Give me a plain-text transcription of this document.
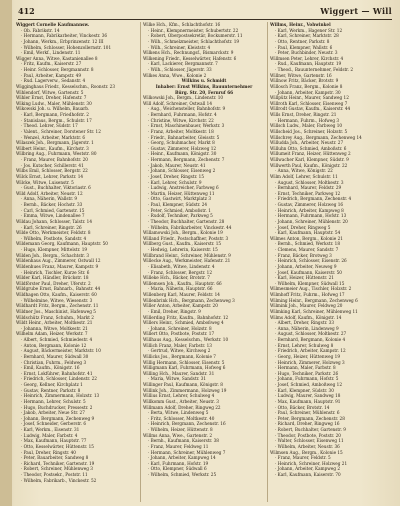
412	Wiggert — Will
Wiggert Cornelie Kaufmannsw.
· Ob. Fabrikstr. 14
· Hermann, Fabrikarbeiter, Vinckestr. 36
· Johann, Werkm., Erbprinzenstr. 12 III
· Wilhelm, Schlosser, Hohenzollernstr. 101
· Emil, Werkf., Lindenstr. 11
Wigger Anna, Witwe, Kastanienallee 8
· Fritz, Kaufm., Kaiserstr. 27
· Heinr. Schlosser, Bergmannstr. 8
· Paul, Arbeiter, Kampstr. 49
· Rud. Lagerverw., Sedanstr. 4
Wigginghaus Friedr., Kesselschm., Roonstr. 23
Wihlendorf, Witwe, Gartenstr. 5
Wihler Ernst, Dreher, Hafenstr. 7
Wiking Ludw., Maler, Mühlenstr. 30
Wikowski Joh. u. Wilhelm, Bauarb.
· Karl, Bergmann, Friedhofstr. 2
· Stanislaus, Bergm., Schulstr. 17
· Theod. Lehrer, Südstr. 17
· Valent., Schreiner, Dorstener Str. 12
· Wenzel, Arbeiter, Marktstr. 6
Wilaszek Joh., Bergmann, Jägerstr. 1
Wilbert Heinr., Kaufm., Kirchstr. 3
Wilbring Aug., Fuhrmann, Weststr. 80
· Franz, Maurer, Bahnhofstr. 20
· Jos. Kutscher, Schillerstr. 41
Wilbs Emil, Schlosser, Bergstr. 22
Wilck Ernst, Lehrer, Parkstr. 14
Wilcke, Witwe, Luisenstr. 5
· Gust., Buchhalter, Viktoriastr. 6
Wild Adolf, Arbeiter, Neustr. 12
· Anna, Näherin, Wallstr. 9
· Bernh., Bäcker, Hochstr. 33
· Carl, Schmied, Gartenstr. 15
· Emma, Witwe, Lindenallee 7
Wildau Johann, Schlosser, Talstr. 14
· Karl, Schreiner, Ringstr. 26
Wilde Otto, Werkmeister, Feldstr. 8
· Wilhelm, Postbote, Sandstr. 4
Wildemann Georg, Kaufmann, Hauptstr. 50
· Hugo, Klempner, Mittelstr. 19
Wilden Joh., Bergm., Schachtstr. 3
Wildenhaus Aug., Zimmerer, Ostwall 12
Wildenhues Franz, Maurer, Kampstr. 9
· Heinrich, Tischler, Kurze Str. 6
Wilder Karl, Händler, Brückstr. 18
Wildförster Paul, Dreher, Uferstr. 2
Wildgrube Ernst, Bahnarb., Bahnstr. 44
Wildhagen Otto, Kaufm., Kaiserstr. 60
· Wilhelmine, Witwe, Wiesenstr. 3
Wildhardt Fritz, Bergm., Zechenstr. 11
Wildner Jos., Maschinist, Hafenweg 5
Wildschütz Franz, Schuhm., Markt 2
Wildt Heinr., Arbeiter, Moltkestr. 21
· Johanna, Witwe, Moltkestr. 21
Wilhelm Adam, Heizer, Werkstr. 7
· Albert, Schmied, Schmiedestr. 4
· Anton, Bergmann, Kolonie 12
· August, Bäckermeister, Marktstr. 10
· Bernhard, Maurer, Südwall 30
· Christian, Fuhrm., Feldweg 3
· Emil, Kaufm., Königstr. 16
· Ernst, Lokführer, Bahnhofstr. 41
· Friedrich, Schlosser, Lindenstr. 22
· Georg, Kellner, Kirchplatz 1
· Gustav, Rentner, Parkstr. 8
· Heinrich, Zimmermann, Holzstr. 13
· Hermann, Lehrer, Schulstr. 5
· Hugo, Buchdrucker, Pressestr. 2
· Jakob, Arbeiter, Neue Str. 27
· Johann, Bergmann, Zechenweg 9
· Josef, Schneider, Gerberstr. 6
· Karl, Werkm., Eisenstr. 31
· Ludwig, Maler, Farbstr. 4
· Max, Kaufmann, Hauptstr. 77
· Otto, Kesselwärter, Hüttenstr. 15
· Paul, Dreher, Ringstr. 40
· Peter, Bauarbeiter, Sandweg 8
· Richard, Techniker, Gartenstr. 19
· Robert, Schreiner, Mühlenweg 3
· Theodor, Postsekr., Poststr. 11
· Wilhelm, Fabrikarb., Vinckestr. 52
Wilke Hch., Kfm., Schlachthofstr. 16
· Heinr., Klempnermeister, Schubertstr. 22
· Robert, Oberpostsekretär, Bockumerstr. 11
· Wilh., Schmelzmeister, Schlachthofstr. 19
· Wilh., Schreiner, Kleiststr. 4
Wilkens Hch., Rechnungsf., Bismarckstr. 9
Wilkening Friedr., Kesselwärter, Hafenstr. 6
· Karl, Lackierer, Bergmannstr. 7
· Wilh., Schlosser, Jägerstr. 33
Wilkes Anna, Wwe., Kolonie 2
Wilkins u. Schmidt
Inhaber: Ernst Wilkins, Bauunternehmer
Bürg. Str. 20, Fernruf 66
Wilkowski Joh., Bergm., Lindenstr. 10
Will Adolf, Schreiner, Ostwall 14
· Aug., Weichensteller, Bahnhofstr. 9
· Bernhard, Fuhrmann, Hofstr. 4
· Christine, Witwe, Kirchstr. 22
· Ernst, Maschinenbauer, Werkstr. 3
· Franz, Arbeiter, Moltkestr. 18
· Friedr., Bahnarbeiter, Gleisstr. 5
· Georg, Schuhmacher, Markt 8
· Gustav, Zimmerer, Holzweg 12
· Heinr., Kaufmann, Königstr. 30
· Hermann, Bergmann, Zechenstr. 7
· Jakob, Maurer, Neustr. 41
· Johann, Schlosser, Eisenweg 2
· Josef, Dreher, Ringstr. 15
· Karl, Lehrer, Schulstr. 9
· Ludwig, Anstreicher, Farbweg 6
· Martin, Heizer, Hüttenweg 11
· Otto, Gastwirt, Marktplatz 3
· Paul, Klempner, Südstr. 24
· Peter, Schmied, Amboßstr. 1
· Rudolf, Techniker, Parkweg 5
· Theodor, Buchhalter, Gartenstr. 28
· Wilhelm, Fabrikarbeiter, Vinckestr. 44
Willamowski Joh., Bergm., Kolonie 19
Willand Friedr., Postschaffner, Poststr. 3
Willberg Gust., Kaufm., Kaiserstr. 15
· Hedwig, Lehrerin, Kaiserstr. 15
Willbrand Heinr., Schreiner, Mühlenstr. 9
Willecke Aug., Werkmeister, Hafenstr. 21
· Elisabeth, Witwe, Lindenstr. 4
· Franz, Schlosser, Bergstr. 12
Willeke Hch., Bäcker, Brotstr. 7
Willemsen Joh., Kaufm., Hauptstr. 66
· Maria, Näherin, Hauptstr. 66
Willenberg Karl, Maurer, Feldstr. 14
Willenbrink Hch., Bergmann, Zechenweg 3
Willer Anton, Arbeiter, Kampstr. 20
· Emil, Dreher, Ringstr. 9
Willerding Fritz, Kaufm., Bahnhofstr. 12
Willers Heinr., Schmied, Amboßweg 4
· Johann, Schreiner, Holzstr. 8
Willert Otto, Postbote, Poststr. 17
Willhaus Aug., Kesselschm., Werkstr. 10
Willich Franz, Maler, Farbstr. 13
· Gertrud, Witwe, Kirchweg 2
Willicks Jos., Bergmann, Kolonie 7
Willig Hermann, Schlosser, Eisenstr. 5
Willigmann Karl, Fuhrmann, Hofweg 6
Willing Hch., Maurer, Sandstr. 31
· Maria, Witwe, Sandstr. 31
Willinger Paul, Kaufmann, Königstr. 8
Willink Joh., Zimmermann, Holzweg 19
Willius Ernst, Lehrer, Schulweg 4
Willkomm Gust., Arbeiter, Neustr. 3
Willmann Adolf, Dreher, Ringweg 22
· Berta, Witwe, Lindenweg 5
· Fritz, Schlosser, Moltkestr. 40
· Heinrich, Bergmann, Zechenstr. 16
· Wilhelm, Heizer, Hüttenstr. 8
Willms Anna, Wwe., Gartenstr. 2
· Bernh., Kaufmann, Kaiserstr. 38
· Franz, Maurer, Feldweg 11
· Hermann, Schreiner, Mühlenweg 7
· Johann, Arbeiter, Kampweg 14
· Karl, Fuhrmann, Hofstr. 19
· Otto, Klempner, Südwall 6
· Wilhelm, Schmied, Werkstr. 25
Willms, Heinr., Vohwinkel
· Karl, Werkm., Hagener Str. 12
· Karl, Schreiner, Marktstr. 28
· Otto, Rentner, Parkstr. 8
· Paul, Klempner, Wallstr. 6
· Peter, Buchbinder, Neustr. 3
Willmsen Peter, Lehrer, Kirchstr. 4
· Rud., Kaufmann, Hauptstr. 19
· Theod., Bauunternehmer, Feldstr. 2
Willner, Witwe, Gartenstr. 16
Willnow Fritz, Bäcker, Brotstr. 9
Willosch Franz, Bergm., Kolonie 8
· Johann, Arbeiter, Kampstr. 30
Willpütz Heinr., Maurer, Sandweg 12
Willroth Karl, Schlosser, Eisenweg 7
Willrodt Gustav, Kaufm., Kaiserstr. 44
Wills Ernst, Dreher, Ringstr. 21
· Hermann, Fuhrm., Hofweg 3
Willsch Ludw., Maler, Farbweg 10
Willscheid Jos., Schreiner, Holzstr. 5
Willschrey Aug., Bergmann, Zechenweg 14
Willudda Joh., Arbeiter, Neustr. 27
Willuhn Otto, Schmied, Amboßstr. 6
Willumeit Franz, Heizer, Hüttenweg 2
Willwacher Karl, Klempner, Südstr. 9
Willwerth Paul, Kaufm., Königstr. 22
· Anna, Witwe, Königstr. 22
Wilm Adolf, Lehrer, Schulstr. 11
· August, Schlosser, Moltkestr. 3
· Bernhard, Maurer, Feldstr. 29
· Ernst, Techniker, Parkweg 12
· Friedrich, Bergmann, Zechenstr. 4
· Gustav, Zimmerer, Holzweg 16
· Heinrich, Arbeiter, Kampweg 8
· Hermann, Fuhrmann, Hofstr. 13
· Johann, Schreiner, Mühlenstr. 20
· Josef, Dreher, Ringweg 5
· Karl, Kaufmann, Hauptstr. 54
Wilmes Anton, Bergm., Kolonie 21
· Bernh., Schmied, Werkstr. 18
· Clemens, Maurer, Sandstr. 7
· Franz, Bäcker, Brotweg 3
· Heinrich, Schlosser, Eisenstr. 26
· Johann, Arbeiter, Neuweg 9
· Josef, Kaufmann, Kaiserstr. 50
· Karl, Heizer, Hüttenstr. 21
· Wilhelm, Klempner, Südwall 15
Wilmesmeier Aug., Tischler, Holzstr. 2
Wilmhoff Fritz, Fuhrm., Hofweg 17
Wilming Heinr., Bergmann, Zechenweg 6
Wilmink Joh., Maurer, Feldweg 20
Wilmking Karl, Schreiner, Mühlenweg 11
Wilms Adolf, Kaufm., Königstr. 14
· Albert, Dreher, Ringstr. 33
· Anna, Näherin, Lindenweg 9
· August, Schlosser, Moltkestr. 27
· Bernhard, Bergmann, Kolonie 4
· Ernst, Lehrer, Schulweg 8
· Friedrich, Arbeiter, Kampstr. 12
· Georg, Heizer, Hüttenweg 19
· Heinrich, Zimmerer, Holzweg 3
· Hermann, Maler, Farbstr. 8
· Hugo, Techniker, Parkstr. 26
· Johann, Fuhrmann, Hofstr. 5
· Josef, Schmied, Amboßweg 12
· Karl, Klempner, Südstr. 30
· Ludwig, Maurer, Sandweg 18
· Max, Kaufmann, Hauptstr. 91
· Otto, Bäcker, Brotstr. 14
· Paul, Schreiner, Mühlenstr. 6
· Peter, Bergmann, Zechenstr. 28
· Richard, Dreher, Ringweg 16
· Robert, Buchhalter, Gartenstr. 9
· Theodor, Postbote, Poststr. 20
· Walter, Schlosser, Eisenweg 11
· Wilhelm, Arbeiter, Neustr. 36
Wilmsen Aug., Bergm., Kolonie 15
· Franz, Maurer, Feldstr. 5
· Heinrich, Schreiner, Holzweg 21
· Johann, Arbeiter, Kampweg 2
· Karl, Kaufmann, Kaiserstr. 70
